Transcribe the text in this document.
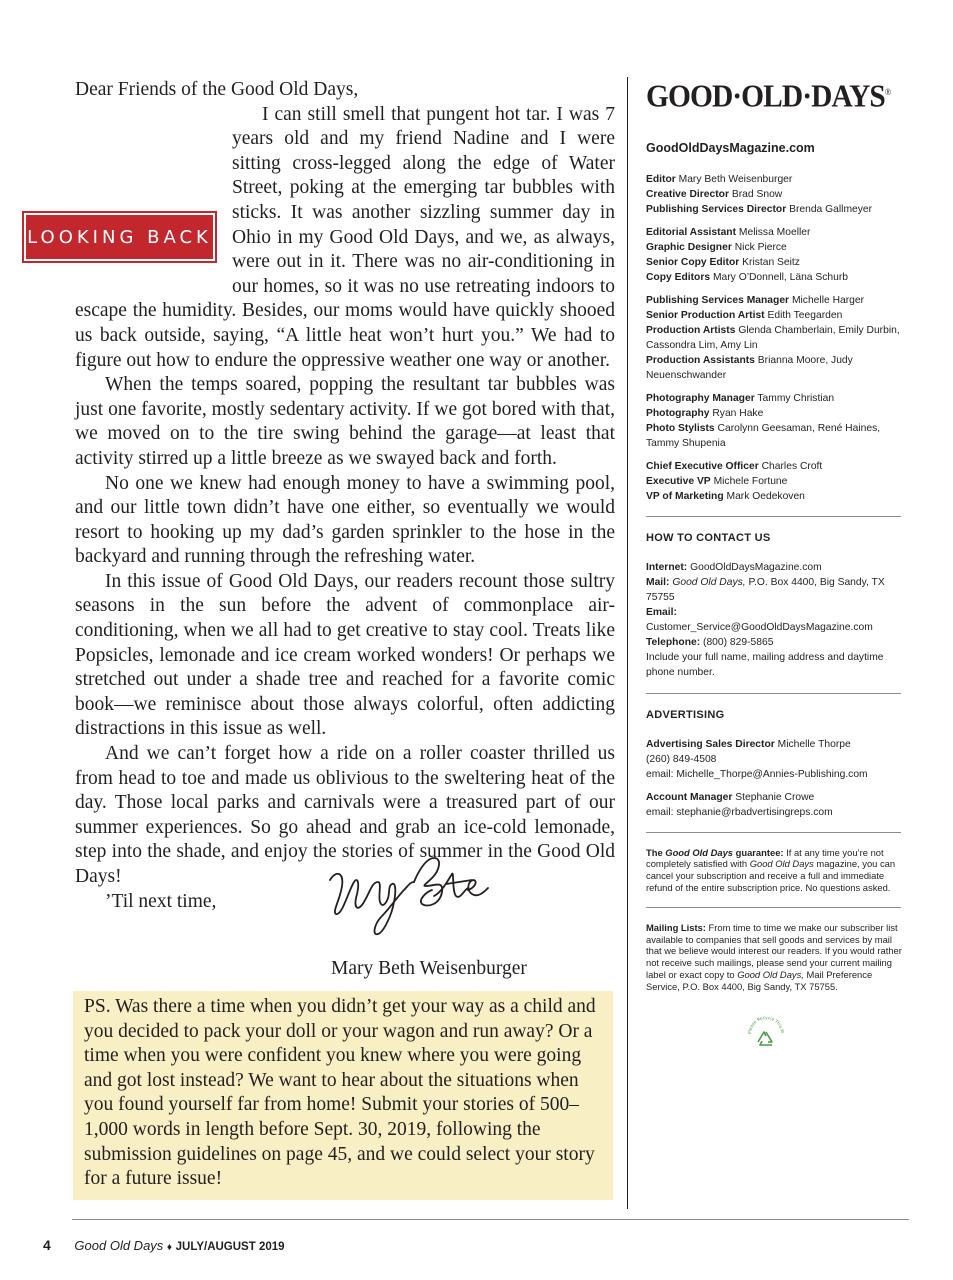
Dear Friends of the Good Old Days,

I can still smell that pungent hot tar. I was 7 years old and my friend Nadine and I were sitting cross-legged along the edge of Water Street, poking at the emerging tar bubbles with sticks. It was another sizzling summer day in Ohio in my Good Old Days, and we, as always, were out in it. There was no air-conditioning in our homes, so it was no use retreating indoors to escape the humidity. Besides, our moms would have quickly shooed us back outside, saying, “A little heat won’t hurt you.” We had to figure out how to endure the oppressive weather one way or another.

When the temps soared, popping the resultant tar bubbles was just one favorite, mostly sedentary activity. If we got bored with that, we moved on to the tire swing behind the garage—at least that activity stirred up a little breeze as we swayed back and forth.

No one we knew had enough money to have a swimming pool, and our little town didn’t have one either, so eventually we would resort to hooking up my dad’s garden sprinkler to the hose in the backyard and running through the refreshing water.

In this issue of Good Old Days, our readers recount those sultry seasons in the sun before the advent of commonplace air-conditioning, when we all had to get creative to stay cool. Treats like Popsicles, lemonade and ice cream worked wonders! Or perhaps we stretched out under a shade tree and reached for a favorite comic book—we reminisce about those always colorful, often addicting distractions in this issue as well.

And we can’t forget how a ride on a roller coaster thrilled us from head to toe and made us oblivious to the sweltering heat of the day. Those local parks and carnivals were a treasured part of our summer experiences. So go ahead and grab an ice-cold lemonade, step into the shade, and enjoy the stories of summer in the Good Old Days!

’Til next time,

LOOKING BACK
Mary Beth Weisenburger

PS. Was there a time when you didn’t get your way as a child and you decided to pack your doll or your wagon and run away? Or a time when you were confident you knew where you were going and got lost instead? We want to hear about the situations when you found yourself far from home! Submit your stories of 500–1,000 words in length before Sept. 30, 2019, following the submission guidelines on page 45, and we could select your story for a future issue!

GOOD·OLD·DAYS®
GoodOldDaysMagazine.com
Editor Mary Beth Weisenburger
Creative Director Brad Snow
Publishing Services Director Brenda Gallmeyer
Editorial Assistant Melissa Moeller
Graphic Designer Nick Pierce
Senior Copy Editor Kristan Seitz
Copy Editors Mary O’Donnell, Läna Schurb
Publishing Services Manager Michelle Harger
Senior Production Artist Edith Teegarden
Production Artists Glenda Chamberlain, Emily Durbin, Cassondra Lim, Amy Lin
Production Assistants Brianna Moore, Judy Neuenschwander
Photography Manager Tammy Christian
Photography Ryan Hake
Photo Stylists Carolynn Geesaman, René Haines, Tammy Shupenia
Chief Executive Officer Charles Croft
Executive VP Michele Fortune
VP of Marketing Mark Oedekoven
HOW TO CONTACT US
Internet: GoodOldDaysMagazine.com
Mail: Good Old Days, P.O. Box 4400, Big Sandy, TX 75755
Email: Customer_Service@GoodOldDaysMagazine.com
Telephone: (800) 829-5865
Include your full name, mailing address and daytime phone number.
ADVERTISING
Advertising Sales Director Michelle Thorpe
(260) 849-4508
email: Michelle_Thorpe@Annies-Publishing.com
Account Manager Stephanie Crowe
email: stephanie@rbadvertisingreps.com
The Good Old Days guarantee: If at any time you’re not completely satisfied with Good Old Days magazine, you can cancel your subscription and receive a full and immediate refund of the entire subscription price. No questions asked.
Mailing Lists: From time to time we make our subscriber list available to companies that sell goods and services by mail that we believe would interest our readers. If you would rather not receive such mailings, please send your current mailing label or exact copy to Good Old Days, Mail Preference Service, P.O. Box 4400, Big Sandy, TX 75755.
Please Recycle This M
4 Good Old Days ♦ JULY/AUGUST 2019
